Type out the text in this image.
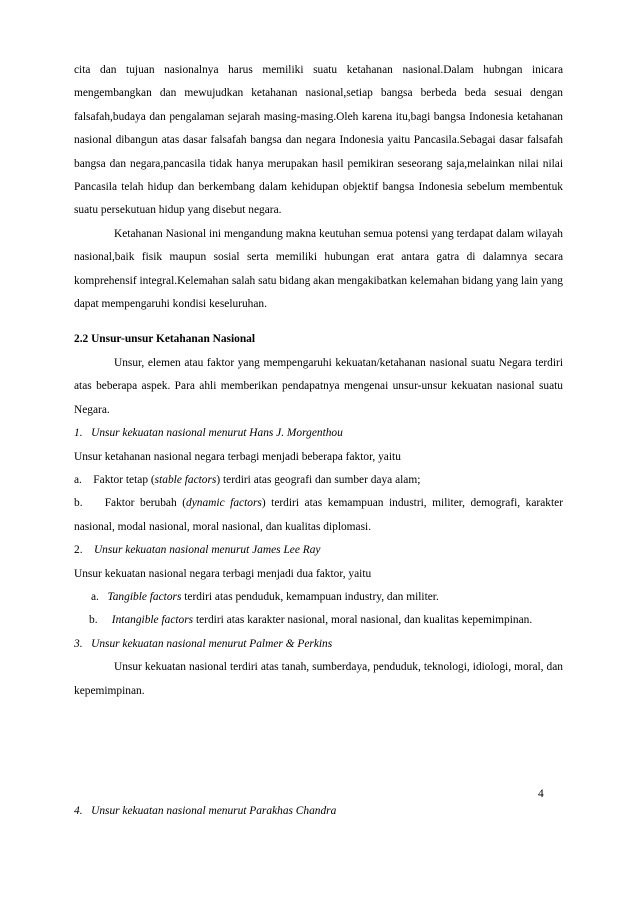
cita dan tujuan nasionalnya harus memiliki suatu ketahanan nasional.Dalam hubngan inicara mengembangkan dan mewujudkan ketahanan nasional,setiap bangsa berbeda beda sesuai dengan falsafah,budaya dan pengalaman sejarah masing-masing.Oleh karena itu,bagi bangsa Indonesia ketahanan nasional dibangun atas dasar falsafah bangsa dan negara Indonesia yaitu Pancasila.Sebagai dasar falsafah bangsa dan negara,pancasila tidak hanya merupakan hasil pemikiran seseorang saja,melainkan nilai nilai Pancasila telah hidup dan berkembang dalam kehidupan objektif bangsa Indonesia sebelum membentuk suatu persekutuan hidup yang disebut negara.

Ketahanan Nasional ini mengandung makna keutuhan semua potensi yang terdapat dalam wilayah nasional,baik fisik maupun sosial serta memiliki hubungan erat antara gatra di dalamnya secara komprehensif integral.Kelemahan salah satu bidang akan mengakibatkan kelemahan bidang yang lain yang dapat mempengaruhi kondisi keseluruhan.

2.2 Unsur-unsur Ketahanan Nasional

Unsur, elemen atau faktor yang mempengaruhi kekuatan/ketahanan nasional suatu Negara terdiri atas beberapa aspek. Para ahli memberikan pendapatnya mengenai unsur-unsur kekuatan nasional suatu Negara.

1. Unsur kekuatan nasional menurut Hans J. Morgenthou

Unsur ketahanan nasional negara terbagi menjadi beberapa faktor, yaitu

a. Faktor tetap (stable factors) terdiri atas geografi dan sumber daya alam;

b. Faktor berubah (dynamic factors) terdiri atas kemampuan industri, militer, demografi, karakter nasional, modal nasional, moral nasional, dan kualitas diplomasi.

2. Unsur kekuatan nasional menurut James Lee Ray

Unsur kekuatan nasional negara terbagi menjadi dua faktor, yaitu

a. Tangible factors terdiri atas penduduk, kemampuan industry, dan militer.

b. Intangible factors terdiri atas karakter nasional, moral nasional, dan kualitas kepemimpinan.

3. Unsur kekuatan nasional menurut Palmer & Perkins

Unsur kekuatan nasional terdiri atas tanah, sumberdaya, penduduk, teknologi, idiologi, moral, dan kepemimpinan.

4
4. Unsur kekuatan nasional menurut Parakhas Chandra
